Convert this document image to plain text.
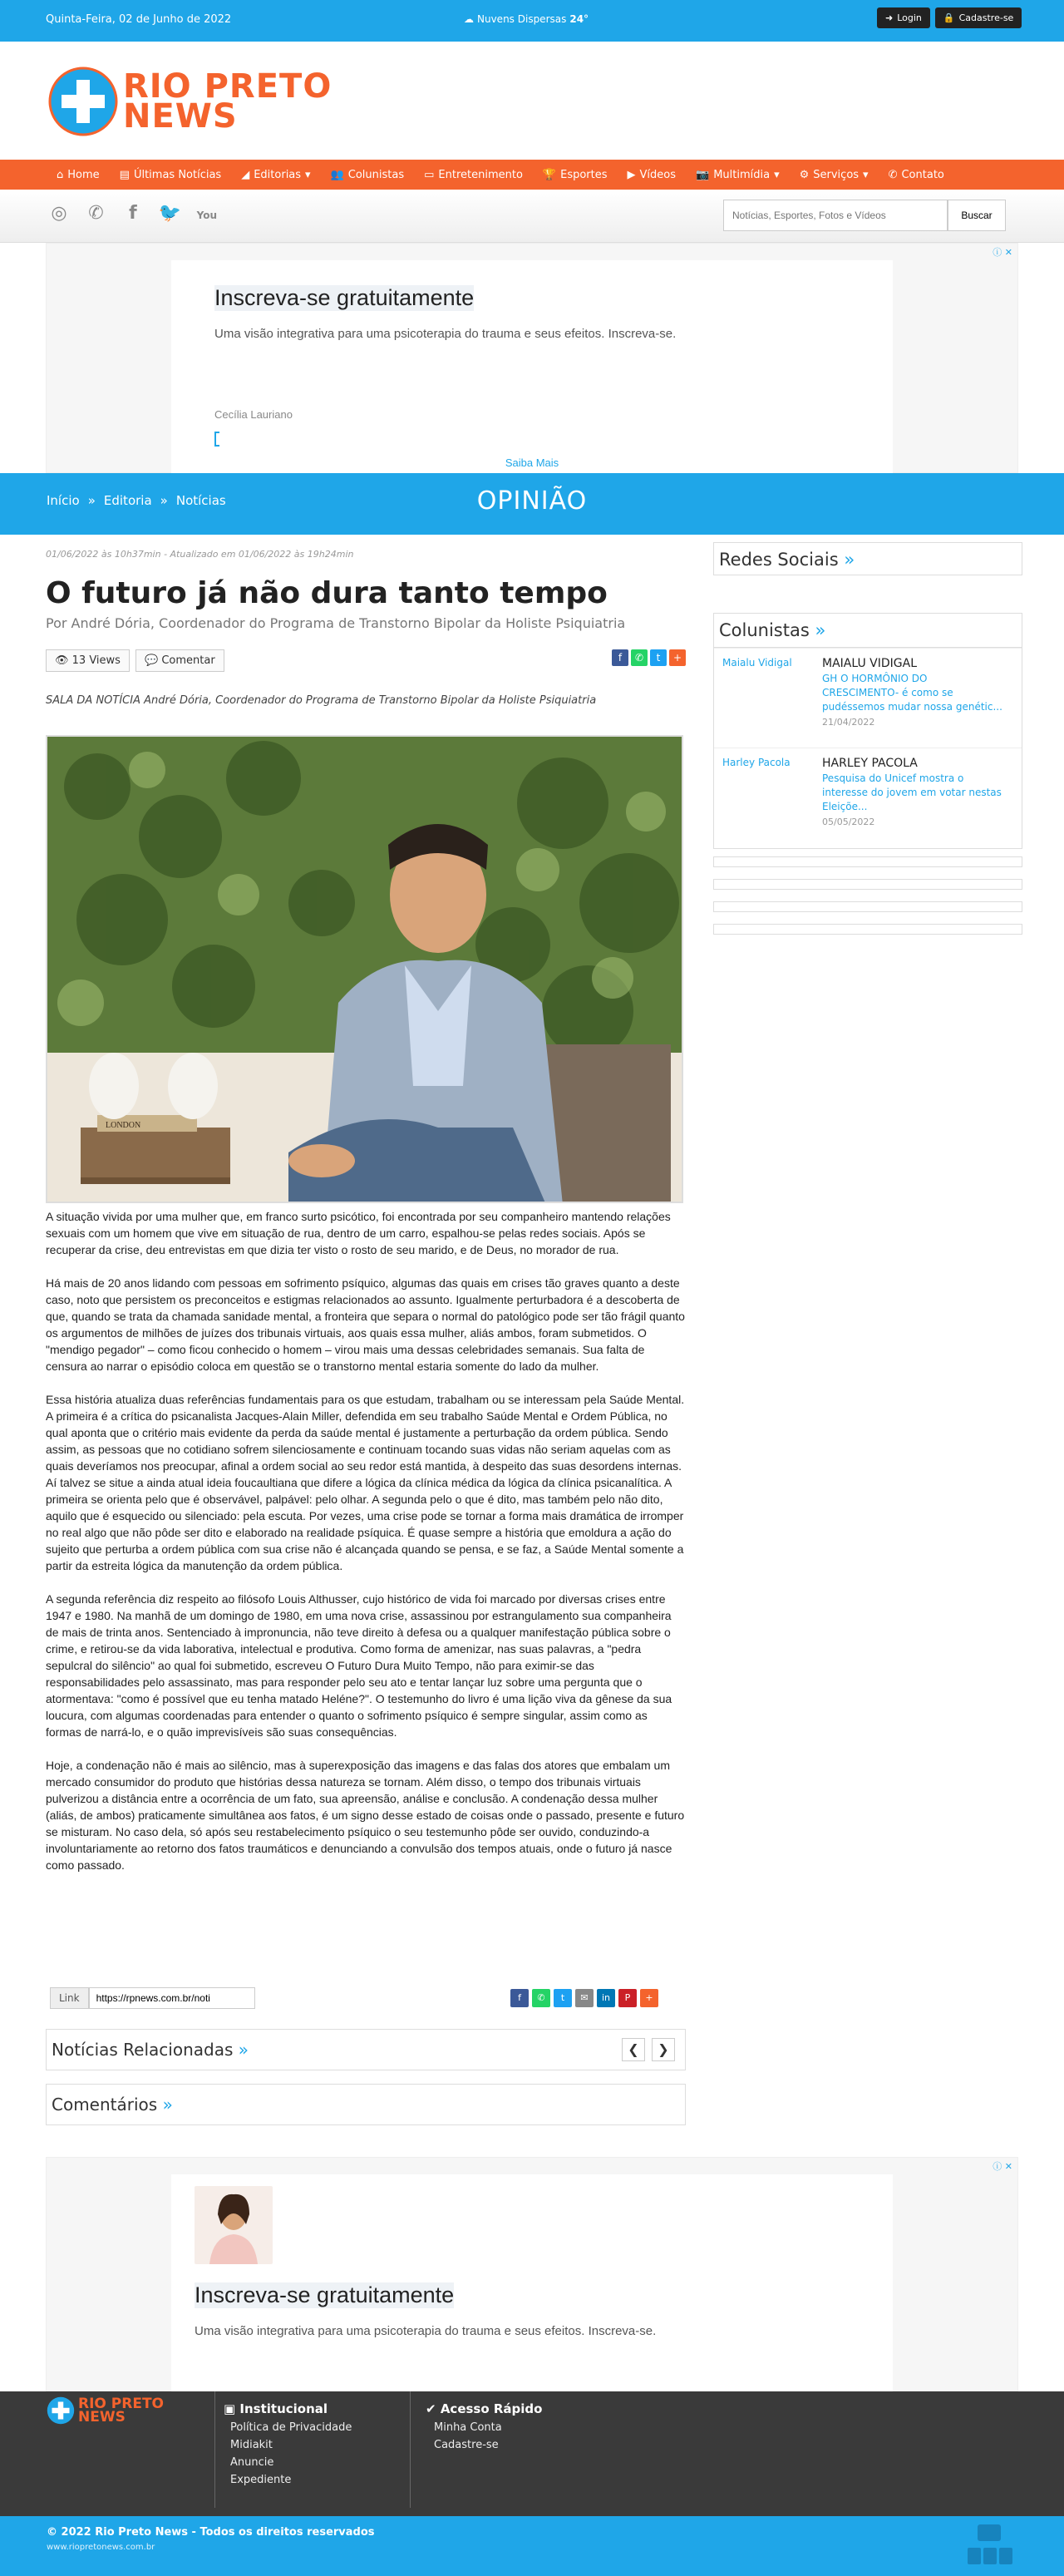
Quinta-Feira, 02 de Junho de 2022	☁ Nuvens Dispersas 24°	➜ Login 🔒 Cadastre-se
RIO PRETO
NEWS
⌂ Home ▤ Últimas Notícias ◢ Editorias ▾ 👥 Colunistas ▭ Entretenimento 🏆 Esportes ▶ Vídeos 📷 Multimídia ▾ ⚙ Serviços ▾ ✆ Contato
◎ ✆ f 🐦 You

Notícias, Esportes, Fotos e Vídeos	Buscar
ⓘ ✕
Inscreva-se gratuitamente
Uma visão integrativa para uma psicoterapia do trauma e seus efeitos. Inscreva-se.
Cecília Lauriano
Saiba Mais
Início » Editoria » Notícias	OPINIÃO
01/06/2022 às 10h37min - Atualizado em 01/06/2022 às 19h24min
O futuro já não dura tanto tempo
Por André Dória, Coordenador do Programa de Transtorno Bipolar da Holiste Psiquiatria
👁 13 Views	💬 Comentar	f ✆ t +
SALA DA NOTÍCIA André Dória, Coordenador do Programa de Transtorno Bipolar da Holiste Psiquiatria
LONDON

A situação vivida por uma mulher que, em franco surto psicótico, foi encontrada por seu companheiro mantendo relações sexuais com um homem que vive em situação de rua, dentro de um carro, espalhou-se pelas redes sociais. Após se recuperar da crise, deu entrevistas em que dizia ter visto o rosto de seu marido, e de Deus, no morador de rua.

Há mais de 20 anos lidando com pessoas em sofrimento psíquico, algumas das quais em crises tão graves quanto a deste caso, noto que persistem os preconceitos e estigmas relacionados ao assunto. Igualmente perturbadora é a descoberta de que, quando se trata da chamada sanidade mental, a fronteira que separa o normal do patológico pode ser tão frágil quanto os argumentos de milhões de juízes dos tribunais virtuais, aos quais essa mulher, aliás ambos, foram submetidos. O "mendigo pegador" – como ficou conhecido o homem – virou mais uma dessas celebridades semanais. Sua falta de censura ao narrar o episódio coloca em questão se o transtorno mental estaria somente do lado da mulher.

Essa história atualiza duas referências fundamentais para os que estudam, trabalham ou se interessam pela Saúde Mental. A primeira é a crítica do psicanalista Jacques-Alain Miller, defendida em seu trabalho Saúde Mental e Ordem Pública, no qual aponta que o critério mais evidente da perda da saúde mental é justamente a perturbação da ordem pública. Sendo assim, as pessoas que no cotidiano sofrem silenciosamente e continuam tocando suas vidas não seriam aquelas com as quais deveríamos nos preocupar, afinal a ordem social ao seu redor está mantida, à despeito das suas desordens internas. Aí talvez se situe a ainda atual ideia foucaultiana que difere a lógica da clínica médica da lógica da clínica psicanalítica. A primeira se orienta pelo que é observável, palpável: pelo olhar. A segunda pelo o que é dito, mas também pelo não dito, aquilo que é esquecido ou silenciado: pela escuta. Por vezes, uma crise pode se tornar a forma mais dramática de irromper no real algo que não pôde ser dito e elaborado na realidade psíquica. É quase sempre a história que emoldura a ação do sujeito que perturba a ordem pública com sua crise não é alcançada quando se pensa, e se faz, a Saúde Mental somente a partir da estreita lógica da manutenção da ordem pública.

A segunda referência diz respeito ao filósofo Louis Althusser, cujo histórico de vida foi marcado por diversas crises entre 1947 e 1980. Na manhã de um domingo de 1980, em uma nova crise, assassinou por estrangulamento sua companheira de mais de trinta anos. Sentenciado à impronuncia, não teve direito à defesa ou a qualquer manifestação pública sobre o crime, e retirou-se da vida laborativa, intelectual e produtiva. Como forma de amenizar, nas suas palavras, a "pedra sepulcral do silêncio" ao qual foi submetido, escreveu O Futuro Dura Muito Tempo, não para eximir-se das responsabilidades pelo assassinato, mas para responder pelo seu ato e tentar lançar luz sobre uma pergunta que o atormentava: "como é possível que eu tenha matado Heléne?". O testemunho do livro é uma lição viva da gênese da sua loucura, com algumas coordenadas para entender o quanto o sofrimento psíquico é sempre singular, assim como as formas de narrá-lo, e o quão imprevisíveis são suas consequências.

Hoje, a condenação não é mais ao silêncio, mas à superexposição das imagens e das falas dos atores que embalam um mercado consumidor do produto que histórias dessa natureza se tornam. Além disso, o tempo dos tribunais virtuais pulverizou a distância entre a ocorrência de um fato, sua apreensão, análise e conclusão. A condenação dessa mulher (aliás, de ambos) praticamente simultânea aos fatos, é um signo desse estado de coisas onde o passado, presente e futuro se misturam. No caso dela, só após seu restabelecimento psíquico o seu testemunho pôde ser ouvido, conduzindo-a involuntariamente ao retorno dos fatos traumáticos e denunciando a convulsão dos tempos atuais, onde o futuro já nasce como passado.

Link
https://rpnews.com.br/noti	f ✆ t ✉ in P +
Notícias Relacionadas »	❮	❯
Comentários »
Redes Sociais »
Colunistas »
Maialu Vidigal	MAIALU VIDIGAL
GH O HORMÔNIO DO CRESCIMENTO- é como se pudéssemos mudar nossa genétic...
21/04/2022
Harley Pacola	HARLEY PACOLA
Pesquisa do Unicef mostra o interesse do jovem em votar nestas Eleiçõe...
05/05/2022
ⓘ ✕
Inscreva-se gratuitamente
Uma visão integrativa para uma psicoterapia do trauma e seus efeitos. Inscreva-se.
RIO PRETO
NEWS	▣ Institucional
Política de Privacidade
Midiakit
Anuncie
Expediente
✔ Acesso Rápido
Minha Conta
Cadastre-se
© 2022 Rio Preto News - Todos os direitos reservados
www.riopretonews.com.br
